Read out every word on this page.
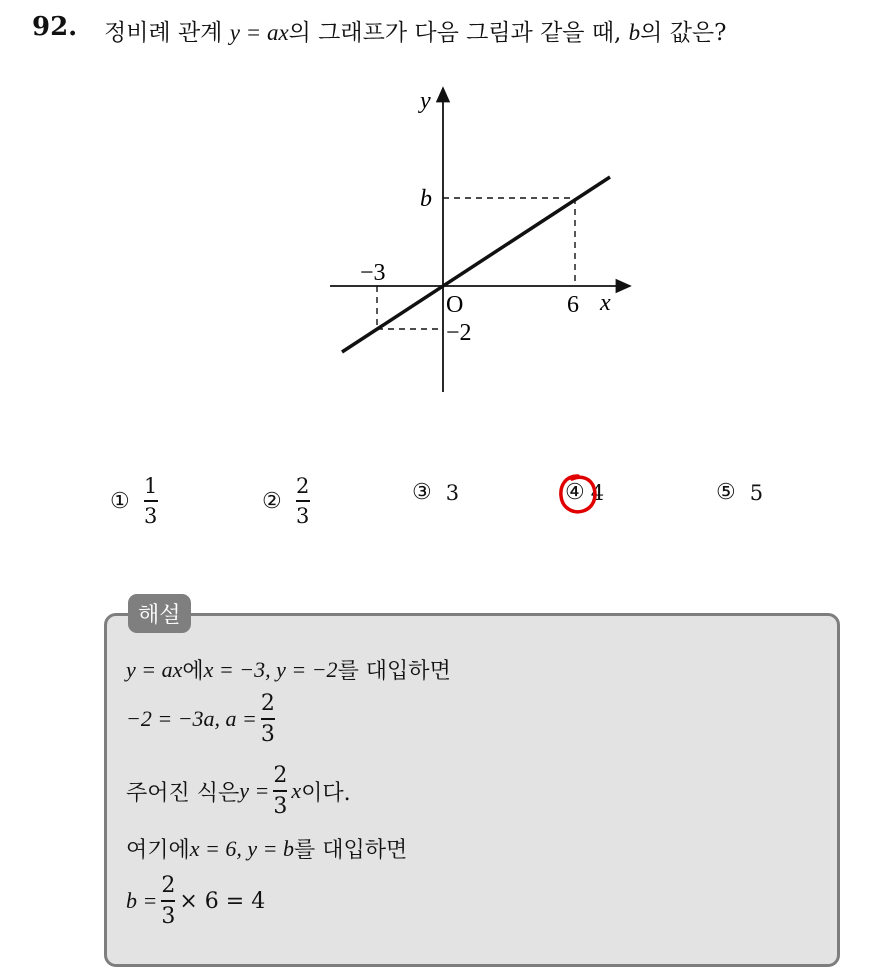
92. 정비례 관계 y = ax의 그래프가 다음 그림과 같을 때, b의 값은?
y
x
O
b
−3
6
−2
① $\frac{1}{3}$	② $\frac{2}{3}$	③ 3	④ 4	⑤ 5
해설
y = ax 에 x = −3, y = −2 를 대입하면
−2 = −3a, $a = \frac{2}{3}$
주어진 식은 $y = \frac{2}{3}$ x 이다.
여기에 x = 6, y = b 를 대입하면
$b = \frac{2}{3} \times 6 = 4$
